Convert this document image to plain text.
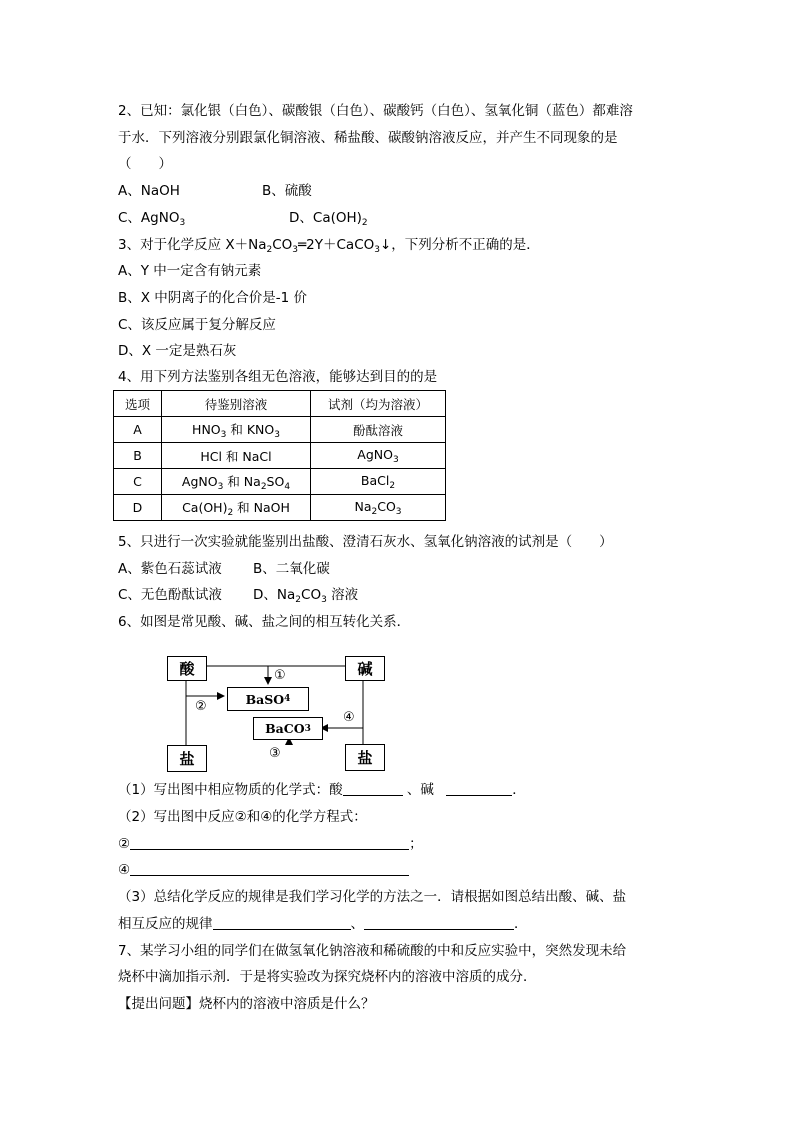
2、已知：氯化银（白色）、碳酸银（白色）、碳酸钙（白色）、氢氧化铜（蓝色）都难溶
于水．下列溶液分别跟氯化铜溶液、稀盐酸、碳酸钠溶液反应，并产生不同现象的是
（　　）
A、NaOH	B、硫酸
C、AgNO$_3$	D、$Ca(OH)_2$
3、对于化学反应 $X+Na_2CO_3═2Y+CaCO_3↓$，下列分析不正确的是．
A、Y 中一定含有钠元素
B、X 中阴离子的化合价是-1 价
C、该反应属于复分解反应
D、X 一定是熟石灰
4、用下列方法鉴别各组无色溶液，能够达到目的的是
选项	待鉴别溶液	试剂（均为溶液）
A	$HNO_3$ 和 $KNO_3$	酚酞溶液
B	HCl 和 NaCl	AgNO$_3$
C	AgNO$_3$ 和 $Na_2SO_4$	BaCl$_2$
D	$Ca(OH)_2$ 和 NaOH	$Na_2CO_3$
5、只进行一次实验就能鉴别出盐酸、澄清石灰水、氢氧化钠溶液的试剂是（　　）
A、紫色石蕊试液 B、二氧化碳
C、无色酚酞试液 D、$Na_2CO_3$ 溶液
6、如图是常见酸、碱、盐之间的相互转化关系．
酸	碱
盐	盐
BaSO 4
BaCO 3
①
②
③
④
（1）写出图中相应物质的化学式：酸	、碱	．
（2）写出图中反应②和④的化学方程式：
②	；
④
（3）总结化学反应的规律是我们学习化学的方法之一．请根据如图总结出酸、碱、盐
相互反应的规律	、	．
7、某学习小组的同学们在做氢氧化钠溶液和稀硫酸的中和反应实验中，突然发现未给
烧杯中滴加指示剂．于是将实验改为探究烧杯内的溶液中溶质的成分．
【提出问题】烧杯内的溶液中溶质是什么？
